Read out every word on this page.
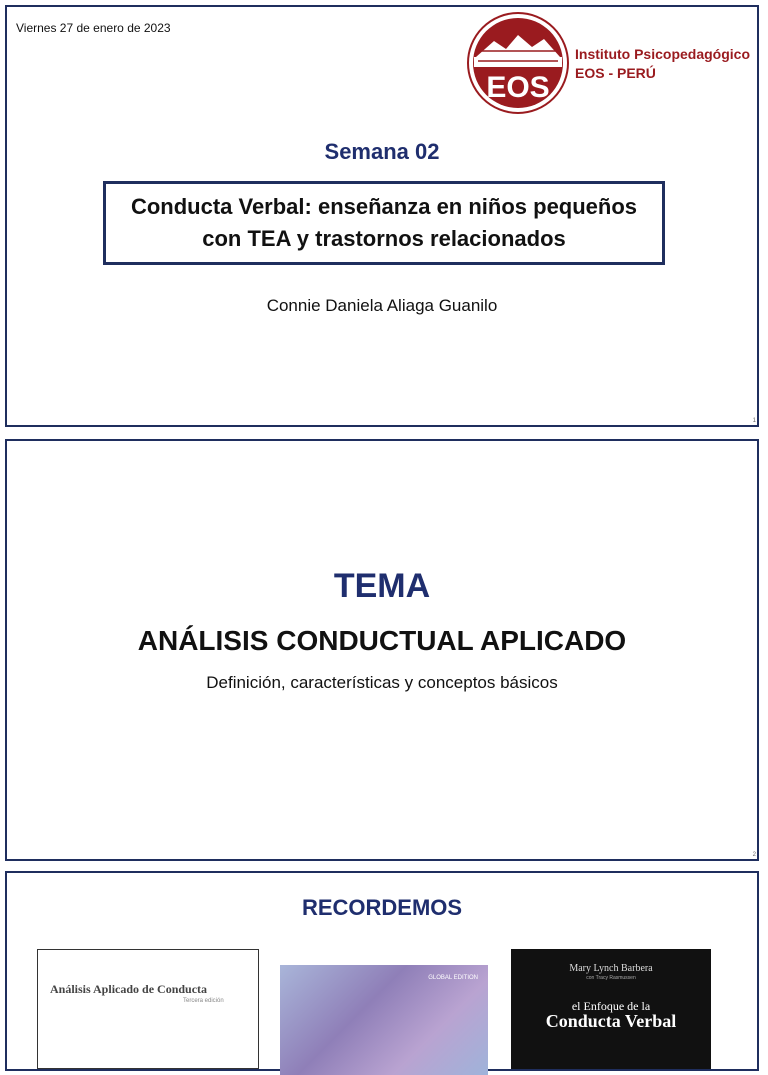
Viernes 27 de enero de 2023
EOS
Instituto Psicopedagógico
EOS - PERÚ
Semana 02
Conducta Verbal: enseñanza en niños pequeños con TEA y trastornos relacionados
Connie Daniela Aliaga Guanilo
1
TEMA
ANÁLISIS CONDUCTUAL APLICADO
Definición, características y conceptos básicos
2
RECORDEMOS
Análisis Aplicado de Conducta
Tercera edición
GLOBAL EDITION
Mary Lynch Barbera
con Tracy Rasmussen
el Enfoque de la
Conducta Verbal
